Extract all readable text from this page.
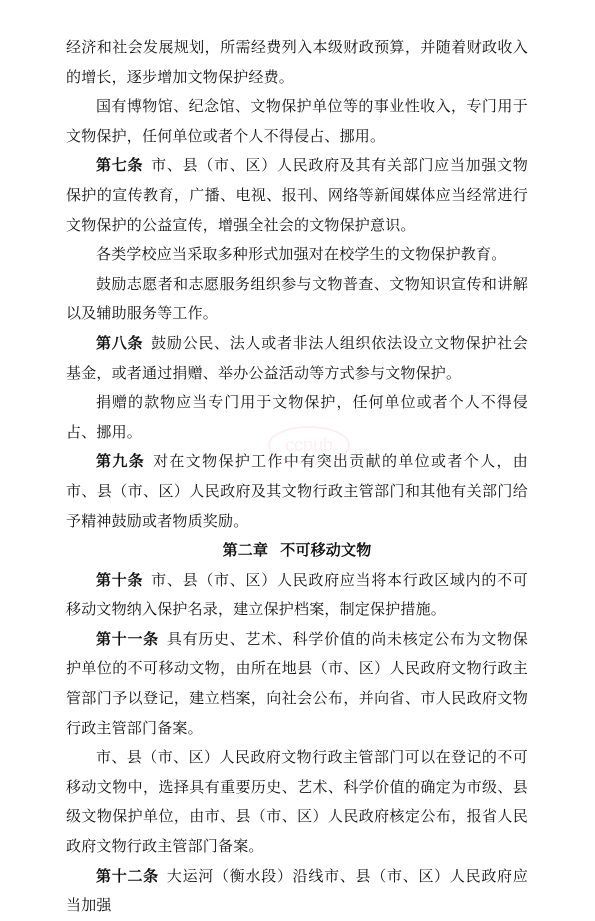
经济和社会发展规划，所需经费列入本级财政预算，并随着财政收入的增长，逐步增加文物保护经费。

国有博物馆、纪念馆、文物保护单位等的事业性收入，专门用于文物保护，任何单位或者个人不得侵占、挪用。

第七条 市、县（市、区）人民政府及其有关部门应当加强文物保护的宣传教育，广播、电视、报刊、网络等新闻媒体应当经常进行文物保护的公益宣传，增强全社会的文物保护意识。

各类学校应当采取多种形式加强对在校学生的文物保护教育。

鼓励志愿者和志愿服务组织参与文物普查、文物知识宣传和讲解以及辅助服务等工作。

第八条 鼓励公民、法人或者非法人组织依法设立文物保护社会基金，或者通过捐赠、举办公益活动等方式参与文物保护。

捐赠的款物应当专门用于文物保护，任何单位或者个人不得侵占、挪用。

第九条 对在文物保护工作中有突出贡献的单位或者个人，由市、县（市、区）人民政府及其文物行政主管部门和其他有关部门给予精神鼓励或者物质奖励。

第二章 不可移动文物

第十条 市、县（市、区）人民政府应当将本行政区域内的不可移动文物纳入保护名录，建立保护档案，制定保护措施。

第十一条 具有历史、艺术、科学价值的尚未核定公布为文物保护单位的不可移动文物，由所在地县（市、区）人民政府文物行政主管部门予以登记，建立档案，向社会公布，并向省、市人民政府文物行政主管部门备案。

市、县（市、区）人民政府文物行政主管部门可以在登记的不可移动文物中，选择具有重要历史、艺术、科学价值的确定为市级、县级文物保护单位，由市、县（市、区）人民政府核定公布，报省人民政府文物行政主管部门备案。

第十二条 大运河（衡水段）沿线市、县（市、区）人民政府应当加强

ccpub
